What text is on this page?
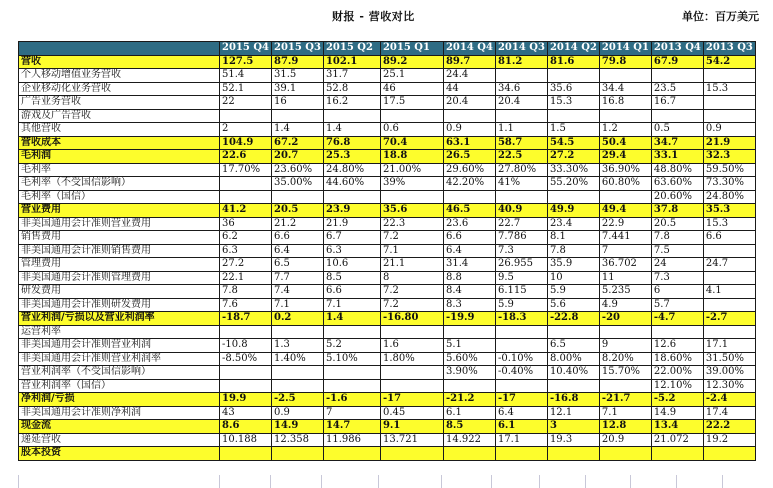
财报 - 营收对比	单位：百万美元
	2015 Q4	2015 Q3	2015 Q2	2015 Q1	2014 Q4	2014 Q3	2014 Q2	2014 Q1	2013 Q4	2013 Q3
营收	127.5	87.9	102.1	89.2	89.7	81.2	81.6	79.8	67.9	54.2
个人移动增值业务营收	51.4	31.5	31.7	25.1	24.4					
企业移动化业务营收	52.1	39.1	52.8	46	44	34.6	35.6	34.4	23.5	15.3
广告业务营收	22	16	16.2	17.5	20.4	20.4	15.3	16.8	16.7	
游戏及广告营收										
其他营收	2	1.4	1.4	0.6	0.9	1.1	1.5	1.2	0.5	0.9
营收成本	104.9	67.2	76.8	70.4	63.1	58.7	54.5	50.4	34.7	21.9
毛利润	22.6	20.7	25.3	18.8	26.5	22.5	27.2	29.4	33.1	32.3
毛利率	17.70%	23.60%	24.80%	21.00%	29.60%	27.80%	33.30%	36.90%	48.80%	59.50%
毛利率（不受国信影响）		35.00%	44.60%	39%	42.20%	41%	55.20%	60.80%	63.60%	73.30%
毛利率（国信）									20.60%	24.80%
营业费用	41.2	20.5	23.9	35.6	46.5	40.9	49.9	49.4	37.8	35.3
非美国通用会计准则营业费用	36	21.2	21.9	22.3	23.6	22.7	23.4	22.9	20.5	15.3
销售费用	6.2	6.6	6.7	7.2	6.6	7.786	8.1	7.441	7.8	6.6
非美国通用会计准则销售费用	6.3	6.4	6.3	7.1	6.4	7.3	7.8	7	7.5	
管理费用	27.2	6.5	10.6	21.1	31.4	26.955	35.9	36.702	24	24.7
非美国通用会计准则管理费用	22.1	7.7	8.5	8	8.8	9.5	10	11	7.3	
研发费用	7.8	7.4	6.6	7.2	8.4	6.115	5.9	5.235	6	4.1
非美国通用会计准则研发费用	7.6	7.1	7.1	7.2	8.3	5.9	5.6	4.9	5.7	
营业利润/亏损以及营业利润率	-18.7	0.2	1.4	-16.80	-19.9	-18.3	-22.8	-20	-4.7	-2.7
运营利率										
非美国通用会计准则营业利润	-10.8	1.3	5.2	1.6	5.1		6.5	9	12.6	17.1
非美国通用会计准则营业利润率	-8.50%	1.40%	5.10%	1.80%	5.60%	-0.10%	8.00%	8.20%	18.60%	31.50%
营业利润率（不受国信影响）					3.90%	-0.40%	10.40%	15.70%	22.00%	39.00%
营业利润率（国信）									12.10%	12.30%
净利润/亏损	19.9	-2.5	-1.6	-17	-21.2	-17	-16.8	-21.7	-5.2	-2.4
非美国通用会计准则净利润	43	0.9	7	0.45	6.1	6.4	12.1	7.1	14.9	17.4
现金流	8.6	14.9	14.7	9.1	8.5	6.1	3	12.8	13.4	22.2
递延营收	10.188	12.358	11.986	13.721	14.922	17.1	19.3	20.9	21.072	19.2
股本投资										
